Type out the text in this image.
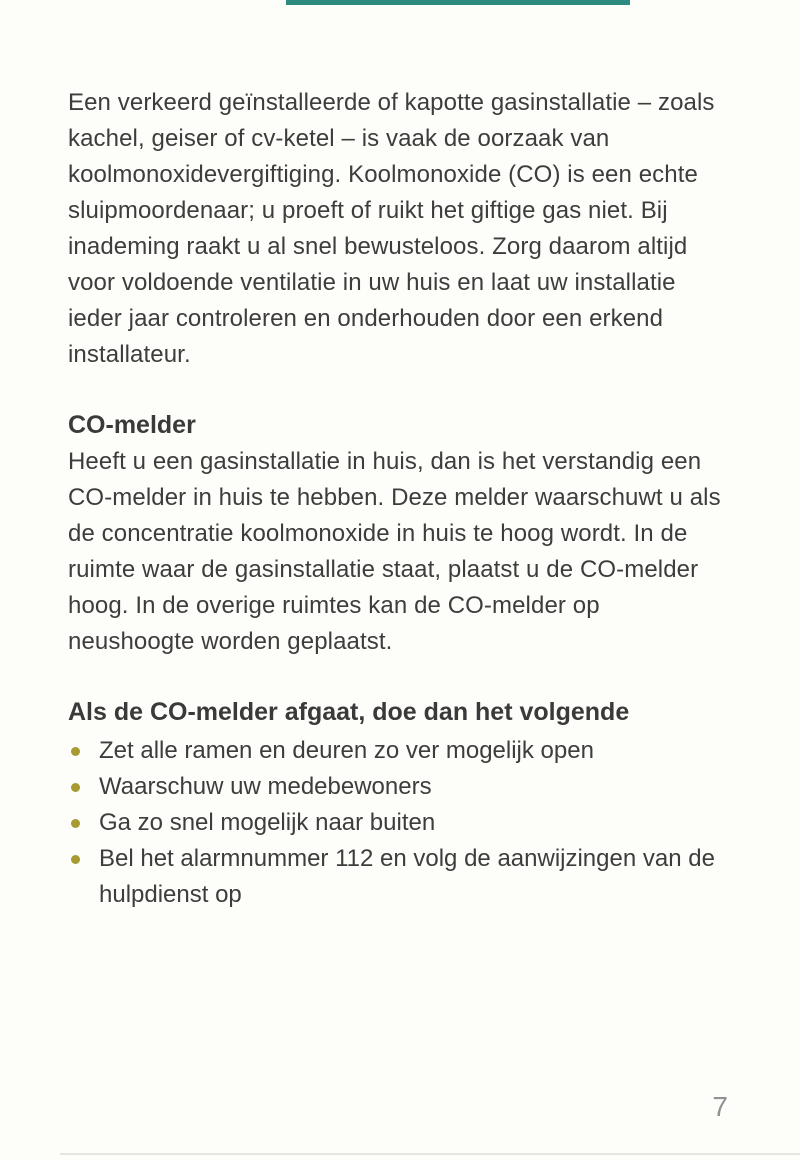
Een verkeerd geïnstalleerde of kapotte gasinstallatie – zoals kachel, geiser of cv-ketel – is vaak de oorzaak van koolmonoxidevergiftiging. Koolmonoxide (CO) is een echte sluipmoordenaar; u proeft of ruikt het giftige gas niet. Bij inademing raakt u al snel bewusteloos. Zorg daarom altijd voor voldoende ventilatie in uw huis en laat uw installatie ieder jaar controleren en onderhouden door een erkend installateur.

CO-melder

Heeft u een gasinstallatie in huis, dan is het verstandig een CO-melder in huis te hebben. Deze melder waarschuwt u als de concentratie koolmonoxide in huis te hoog wordt. In de ruimte waar de gasinstallatie staat, plaatst u de CO-melder hoog. In de overige ruimtes kan de CO-melder op neushoogte worden geplaatst.

Als de CO-melder afgaat, doe dan het volgende
Zet alle ramen en deuren zo ver mogelijk open
Waarschuw uw medebewoners
Ga zo snel mogelijk naar buiten
Bel het alarmnummer 112 en volg de aanwijzingen van de hulpdienst op
7
